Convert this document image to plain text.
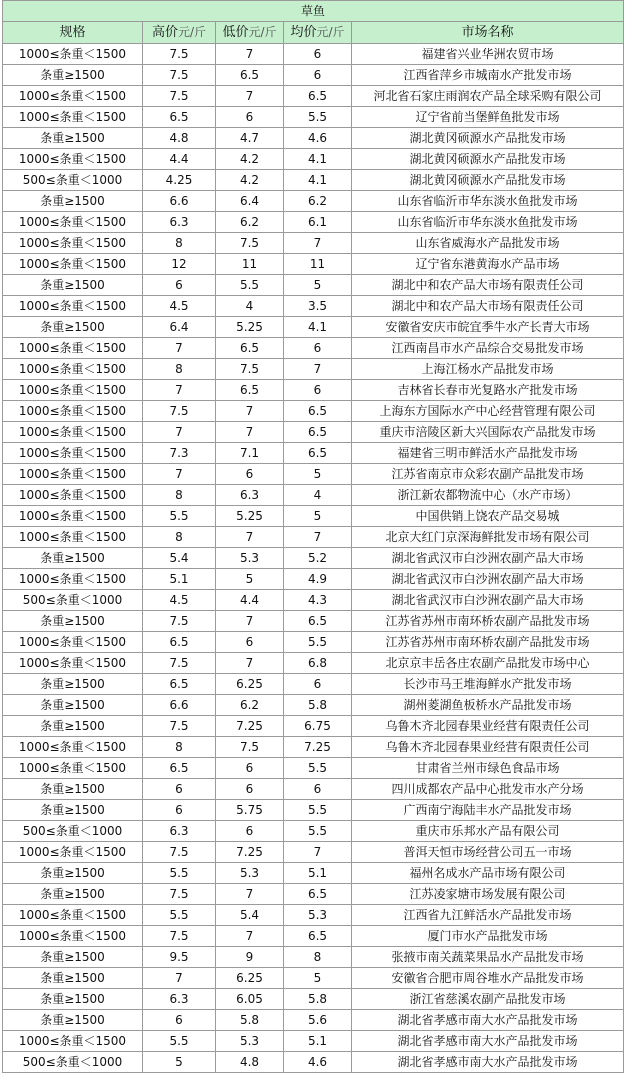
草鱼				
规格	高价元/斤	低价元/斤	均价元/斤	市场名称
1000≤条重＜1500	7.5	7	6	福建省兴业华洲农贸市场
条重≥1500	7.5	6.5	6	江西省萍乡市城南水产批发市场
1000≤条重＜1500	7.5	7	6.5	河北省石家庄雨润农产品全球采购有限公司
1000≤条重＜1500	6.5	6	5.5	辽宁省前当堡鲜鱼批发市场
条重≥1500	4.8	4.7	4.6	湖北黄冈硕源水产品批发市场
1000≤条重＜1500	4.4	4.2	4.1	湖北黄冈硕源水产品批发市场
500≤条重＜1000	4.25	4.2	4.1	湖北黄冈硕源水产品批发市场
条重≥1500	6.6	6.4	6.2	山东省临沂市华东淡水鱼批发市场
1000≤条重＜1500	6.3	6.2	6.1	山东省临沂市华东淡水鱼批发市场
1000≤条重＜1500	8	7.5	7	山东省威海水产品批发市场
1000≤条重＜1500	12	11	11	辽宁省东港黄海水产品市场
条重≥1500	6	5.5	5	湖北中和农产品大市场有限责任公司
1000≤条重＜1500	4.5	4	3.5	湖北中和农产品大市场有限责任公司
条重≥1500	6.4	5.25	4.1	安徽省安庆市皖宜季牛水产长青大市场
1000≤条重＜1500	7	6.5	6	江西南昌市水产品综合交易批发市场
1000≤条重＜1500	8	7.5	7	上海江杨水产品批发市场
1000≤条重＜1500	7	6.5	6	吉林省长春市光复路水产批发市场
1000≤条重＜1500	7.5	7	6.5	上海东方国际水产中心经营管理有限公司
1000≤条重＜1500	7	7	6.5	重庆市涪陵区新大兴国际农产品批发市场
1000≤条重＜1500	7.3	7.1	6.5	福建省三明市鲜活水产品批发市场
1000≤条重＜1500	7	6	5	江苏省南京市众彩农副产品批发市场
1000≤条重＜1500	8	6.3	4	浙江新农都物流中心（水产市场）
1000≤条重＜1500	5.5	5.25	5	中国供销上饶农产品交易城
1000≤条重＜1500	8	7	7	北京大红门京深海鲜批发市场有限公司
条重≥1500	5.4	5.3	5.2	湖北省武汉市白沙洲农副产品大市场
1000≤条重＜1500	5.1	5	4.9	湖北省武汉市白沙洲农副产品大市场
500≤条重＜1000	4.5	4.4	4.3	湖北省武汉市白沙洲农副产品大市场
条重≥1500	7.5	7	6.5	江苏省苏州市南环桥农副产品批发市场
1000≤条重＜1500	6.5	6	5.5	江苏省苏州市南环桥农副产品批发市场
1000≤条重＜1500	7.5	7	6.8	北京京丰岳各庄农副产品批发市场中心
条重≥1500	6.5	6.25	6	长沙市马王堆海鲜水产批发市场
条重≥1500	6.6	6.2	5.8	湖州菱湖鱼板桥水产品批发市场
条重≥1500	7.5	7.25	6.75	乌鲁木齐北园春果业经营有限责任公司
1000≤条重＜1500	8	7.5	7.25	乌鲁木齐北园春果业经营有限责任公司
1000≤条重＜1500	6.5	6	5.5	甘肃省兰州市绿色食品市场
条重≥1500	6	6	6	四川成都农产品中心批发市水产分场
条重≥1500	6	5.75	5.5	广西南宁海陆丰水产品批发市场
500≤条重＜1000	6.3	6	5.5	重庆市乐邦水产品有限公司
1000≤条重＜1500	7.5	7.25	7	普洱天恒市场经营公司五一市场
条重≥1500	5.5	5.3	5.1	福州名成水产品市场有限公司
条重≥1500	7.5	7	6.5	江苏凌家塘市场发展有限公司
1000≤条重＜1500	5.5	5.4	5.3	江西省九江鲜活水产品批发市场
1000≤条重＜1500	7.5	7	6.5	厦门市水产品批发市场
条重≥1500	9.5	9	8	张掖市南关蔬菜果品水产品批发市场
条重≥1500	7	6.25	5	安徽省合肥市周谷堆水产品批发市场
条重≥1500	6.3	6.05	5.8	浙江省慈溪农副产品批发市场
条重≥1500	6	5.8	5.6	湖北省孝感市南大水产品批发市场
1000≤条重＜1500	5.5	5.3	5.1	湖北省孝感市南大水产品批发市场
500≤条重＜1000	5	4.8	4.6	湖北省孝感市南大水产品批发市场
